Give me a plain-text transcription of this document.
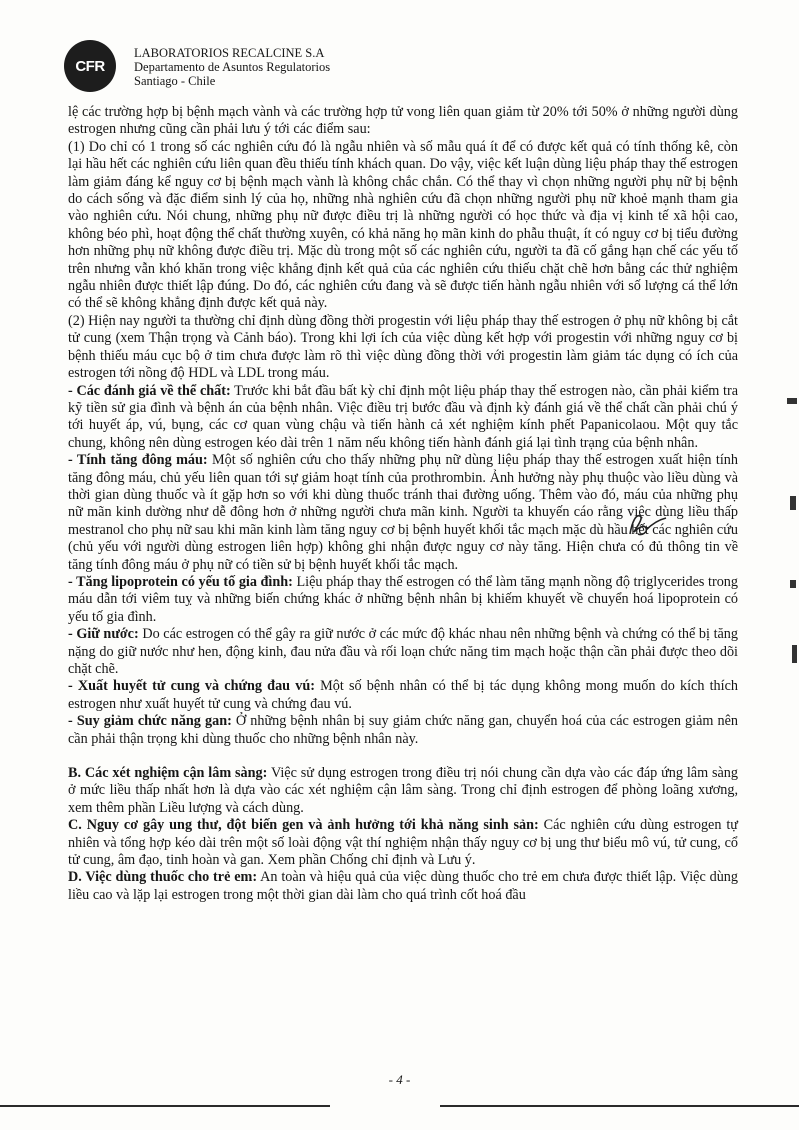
CFR
LABORATORIOS RECALCINE S.A
Departamento de Asuntos Regulatorios
Santiago - Chile

lệ các trường hợp bị bệnh mạch vành và các trường hợp tử vong liên quan giảm từ 20% tới 50% ở những người dùng estrogen nhưng cũng cần phải lưu ý tới các điểm sau:

(1) Do chỉ có 1 trong số các nghiên cứu đó là ngẫu nhiên và số mẫu quá ít để có được kết quả có tính thống kê, còn lại hầu hết các nghiên cứu liên quan đều thiếu tính khách quan. Do vậy, việc kết luận dùng liệu pháp thay thế estrogen làm giảm đáng kể nguy cơ bị bệnh mạch vành là không chắc chắn. Có thể thay vì chọn những người phụ nữ bị bệnh do cách sống và đặc điểm sinh lý của họ, những nhà nghiên cứu đã chọn những người phụ nữ khoẻ mạnh tham gia vào nghiên cứu. Nói chung, những phụ nữ được điều trị là những người có học thức và địa vị kinh tế xã hội cao, không béo phì, hoạt động thể chất thường xuyên, có khả năng họ mãn kinh do phẫu thuật, ít có nguy cơ bị tiểu đường hơn những phụ nữ không được điều trị. Mặc dù trong một số các nghiên cứu, người ta đã cố gắng hạn chế các yếu tố trên nhưng vẫn khó khăn trong việc khẳng định kết quả của các nghiên cứu thiếu chặt chẽ hơn bằng các thử nghiệm ngẫu nhiên được thiết lập đúng. Do đó, các nghiên cứu đang và sẽ được tiến hành ngẫu nhiên với số lượng cá thể lớn có thể sẽ không khẳng định được kết quả này.

(2) Hiện nay người ta thường chỉ định dùng đồng thời progestin với liệu pháp thay thế estrogen ở phụ nữ không bị cắt tử cung (xem Thận trọng và Cảnh báo). Trong khi lợi ích của việc dùng kết hợp với progestin với những nguy cơ bị bệnh thiếu máu cục bộ ở tim chưa được làm rõ thì việc dùng đồng thời với progestin làm giảm tác dụng có ích của estrogen tới nồng độ HDL và LDL trong máu.

- Các đánh giá về thể chất: Trước khi bắt đầu bất kỳ chỉ định một liệu pháp thay thế estrogen nào, cần phải kiểm tra kỹ tiền sử gia đình và bệnh án của bệnh nhân. Việc điều trị bước đầu và định kỳ đánh giá về thể chất cần phải chú ý tới huyết áp, vú, bụng, các cơ quan vùng chậu và tiến hành cả xét nghiệm kính phết Papanicolaou. Một quy tắc chung, không nên dùng estrogen kéo dài trên 1 năm nếu không tiến hành đánh giá lại tình trạng của bệnh nhân.

- Tính tăng đông máu: Một số nghiên cứu cho thấy những phụ nữ dùng liệu pháp thay thế estrogen xuất hiện tính tăng đông máu, chủ yếu liên quan tới sự giảm hoạt tính của prothrombin. Ảnh hưởng này phụ thuộc vào liều dùng và thời gian dùng thuốc và ít gặp hơn so với khi dùng thuốc tránh thai đường uống. Thêm vào đó, máu của những phụ nữ mãn kinh dường như dễ đông hơn ở những người chưa mãn kinh. Người ta khuyến cáo rằng việc dùng liều thấp mestranol cho phụ nữ sau khi mãn kinh làm tăng nguy cơ bị bệnh huyết khối tắc mạch mặc dù hầu hết các nghiên cứu (chủ yếu với người dùng estrogen liên hợp) không ghi nhận được nguy cơ này tăng. Hiện chưa có đủ thông tin về tăng tính đông máu ở phụ nữ có tiền sử bị bệnh huyết khối tắc mạch.

- Tăng lipoprotein có yếu tố gia đình: Liệu pháp thay thế estrogen có thể làm tăng mạnh nồng độ triglycerides trong máu dẫn tới viêm tuỵ và những biến chứng khác ở những bệnh nhân bị khiếm khuyết về chuyển hoá lipoprotein có yếu tố gia đình.

- Giữ nước: Do các estrogen có thể gây ra giữ nước ở các mức độ khác nhau nên những bệnh và chứng có thể bị tăng nặng do giữ nước như hen, động kinh, đau nửa đầu và rối loạn chức năng tim mạch hoặc thận cần phải được theo dõi chặt chẽ.

- Xuất huyết tử cung và chứng đau vú: Một số bệnh nhân có thể bị tác dụng không mong muốn do kích thích estrogen như xuất huyết tử cung và chứng đau vú.

- Suy giảm chức năng gan: Ở những bệnh nhân bị suy giảm chức năng gan, chuyển hoá của các estrogen giảm nên cần phải thận trọng khi dùng thuốc cho những bệnh nhân này.

B. Các xét nghiệm cận lâm sàng: Việc sử dụng estrogen trong điều trị nói chung cần dựa vào các đáp ứng lâm sàng ở mức liều thấp nhất hơn là dựa vào các xét nghiệm cận lâm sàng. Trong chỉ định estrogen để phòng loãng xương, xem thêm phần Liều lượng và cách dùng.

C. Nguy cơ gây ung thư, đột biến gen và ảnh hưởng tới khả năng sinh sản: Các nghiên cứu dùng estrogen tự nhiên và tổng hợp kéo dài trên một số loài động vật thí nghiệm nhận thấy nguy cơ bị ung thư biểu mô vú, tử cung, cổ tử cung, âm đạo, tinh hoàn và gan. Xem phần Chống chỉ định và Lưu ý.

D. Việc dùng thuốc cho trẻ em: An toàn và hiệu quả của việc dùng thuốc cho trẻ em chưa được thiết lập. Việc dùng liều cao và lặp lại estrogen trong một thời gian dài làm cho quá trình cốt hoá đầu

- 4 -
